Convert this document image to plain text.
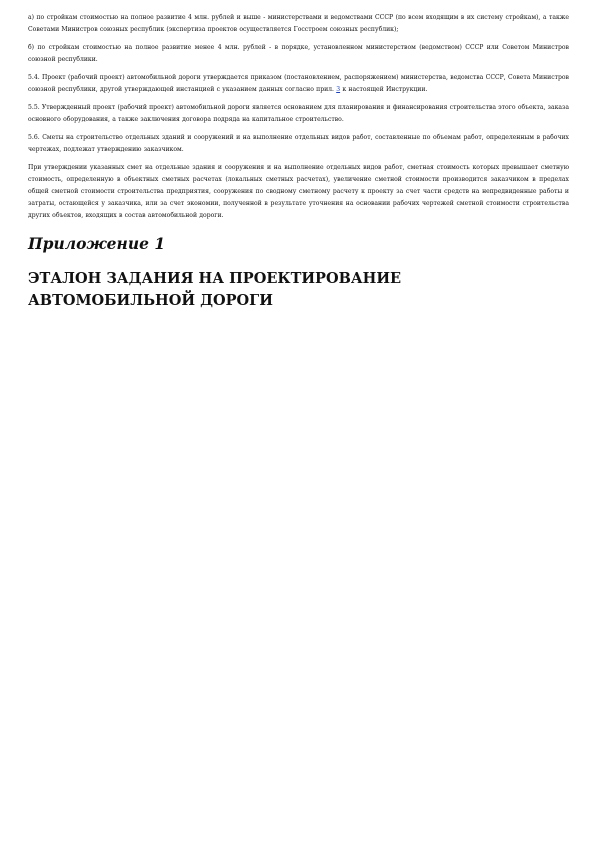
а) по стройкам стоимостью на полное развитие 4 млн. рублей и выше - министерствами и ведомствами СССР (по всем входящим в их систему стройкам), а также Советами Министров союзных республик (экспертиза проектов осуществляется Госстроем союзных республик);

б) по стройкам стоимостью на полное развитие менее 4 млн. рублей - в порядке, установленном министерством (ведомством) СССР или Советом Министров союзной республики.

5.4. Проект (рабочий проект) автомобильной дороги утверждается приказом (постановлением, распоряжением) министерства, ведомства СССР, Совета Министров союзной республики, другой утверждающей инстанцией с указанием данных согласно прил. 3 к настоящей Инструкции.

5.5. Утвержденный проект (рабочий проект) автомобильной дороги является основанием для планирования и финансирования строительства этого объекта, заказа основного оборудования, а также заключения договора подряда на капитальное строительство.

5.6. Сметы на строительство отдельных зданий и сооружений и на выполнение отдельных видов работ, составленные по объемам работ, определенным в рабочих чертежах, подлежат утверждению заказчиком.

При утверждении указанных смет на отдельные здания и сооружения и на выполнение отдельных видов работ, сметная стоимость которых превышает сметную стоимость, определенную в объектных сметных расчетах (локальных сметных расчетах), увеличение сметной стоимости производится заказчиком в пределах общей сметной стоимости строительства предприятия, сооружения по сводному сметному расчету к проекту за счет части средств на непредвиденные работы и затраты, остающейся у заказчика, или за счет экономии, полученной в результате уточнения на основании рабочих чертежей сметной стоимости строительства других объектов, входящих в состав автомобильной дороги.

Приложение 1
ЭТАЛОН ЗАДАНИЯ НА ПРОЕКТИРОВАНИЕ АВТОМОБИЛЬНОЙ ДОРОГИ
